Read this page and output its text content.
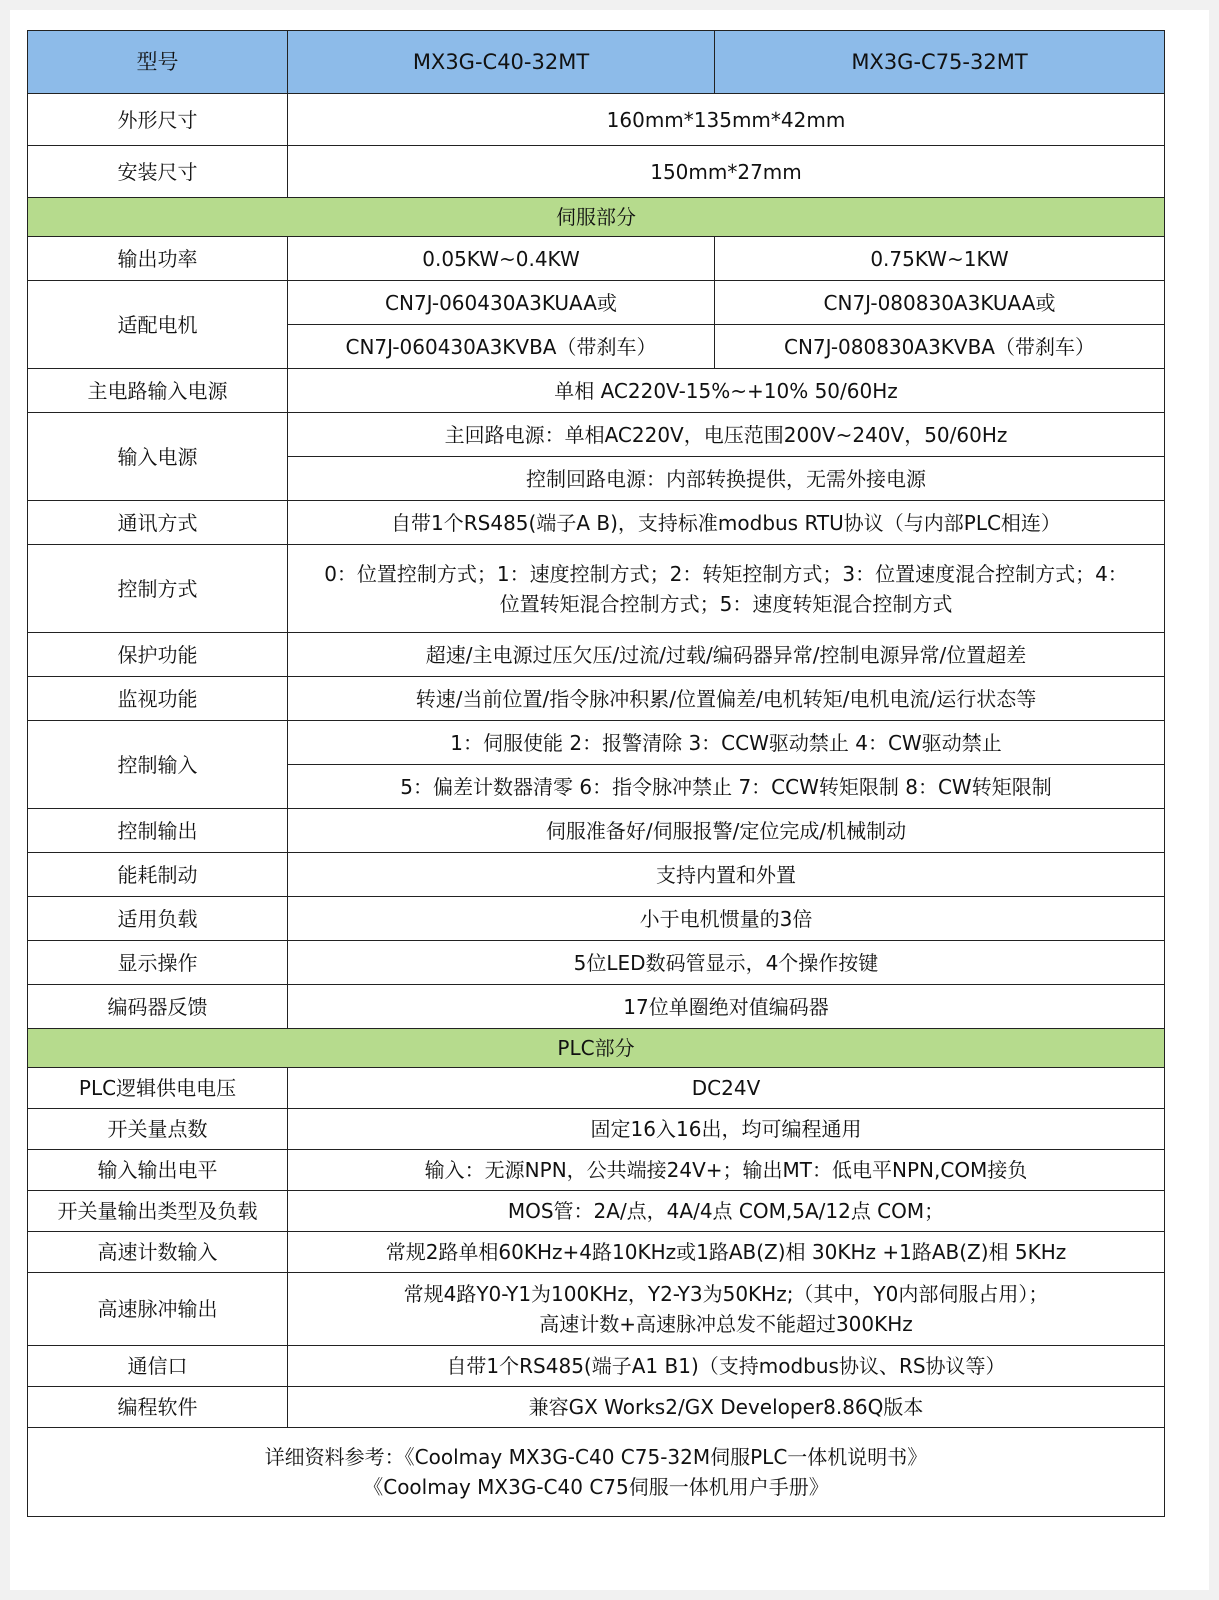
型号	MX3G-C40-32MT	MX3G-C75-32MT
外形尺寸	160mm*135mm*42mm	
安装尺寸	150mm*27mm	
伺服部分		
输出功率	0.05KW~0.4KW	0.75KW~1KW
适配电机	CN7J-060430A3KUAA或	CN7J-080830A3KUAA或
	CN7J-060430A3KVBA（带刹车）	CN7J-080830A3KVBA（带刹车）
主电路输入电源	单相 AC220V-15%~+10% 50/60Hz	
输入电源	主回路电源：单相AC220V，电压范围200V~240V，50/60Hz	
	控制回路电源：内部转换提供，无需外接电源	
通讯方式	自带1个RS485(端子A B)，支持标准modbus RTU协议（与内部PLC相连）	
控制方式	0：位置控制方式；1：速度控制方式；2：转矩控制方式；3：位置速度混合控制方式；4：
位置转矩混合控制方式；5：速度转矩混合控制方式	

保护功能	超速/主电源过压欠压/过流/过载/编码器异常/控制电源异常/位置超差	
监视功能	转速/当前位置/指令脉冲积累/位置偏差/电机转矩/电机电流/运行状态等	
控制输入	1：伺服使能 2：报警清除 3：CCW驱动禁止 4：CW驱动禁止	
	5：偏差计数器清零 6：指令脉冲禁止 7：CCW转矩限制 8：CW转矩限制	
控制输出	伺服准备好/伺服报警/定位完成/机械制动	
能耗制动	支持内置和外置	
适用负载	小于电机惯量的3倍	
显示操作	5位LED数码管显示，4个操作按键	
编码器反馈	17位单圈绝对值编码器	
PLC部分		
PLC逻辑供电电压	DC24V	
开关量点数	固定16入16出，均可编程通用	
输入输出电平	输入：无源NPN，公共端接24V+；输出MT：低电平NPN,COM接负	
开关量输出类型及负载	MOS管：2A/点，4A/4点 COM,5A/12点 COM；	
高速计数输入	常规2路单相60KHz+4路10KHz或1路AB(Z)相 30KHz +1路AB(Z)相 5KHz	
高速脉冲输出	常规4路Y0-Y1为100KHz，Y2-Y3为50KHz;（其中，Y0内部伺服占用）；
高速计数+高速脉冲总发不能超过300KHz	

通信口	自带1个RS485(端子A1 B1)（支持modbus协议、RS协议等）	
编程软件	兼容GX Works2/GX Developer8.86Q版本	

详细资料参考：《Coolmay MX3G-C40 C75-32M伺服PLC一体机说明书》
《Coolmay MX3G-C40 C75伺服一体机用户手册》		
